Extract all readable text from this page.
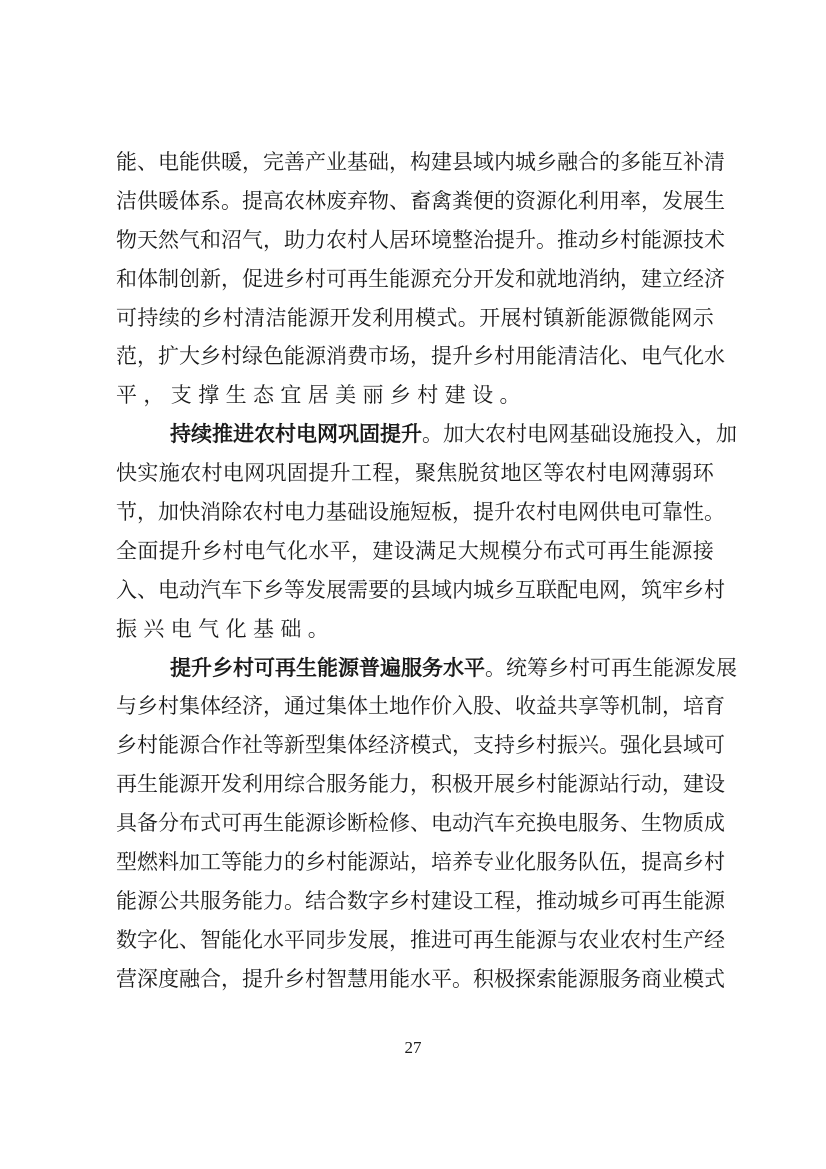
能 、 电 能 供 暖 ， 完 善 产 业 基 础 ， 构 建 县 域 内 城 乡 融 合 的 多 能 互 补 清
洁 供 暖 体 系 。 提 高 农 林 废 弃 物 、 畜 禽 粪 便 的 资 源 化 利 用 率 ， 发 展 生
物 天 然 气 和 沼 气 ， 助 力 农 村 人 居 环 境 整 治 提 升 。 推 动 乡 村 能 源 技 术
和 体 制 创 新 ， 促 进 乡 村 可 再 生 能 源 充 分 开 发 和 就 地 消 纳 ， 建 立 经 济
可 持 续 的 乡 村 清 洁 能 源 开 发 利 用 模 式 。 开 展 村 镇 新 能 源 微 能 网 示
范 ， 扩 大 乡 村 绿 色 能 源 消 费 市 场 ， 提 升 乡 村 用 能 清 洁 化 、 电 气 化 水
平 ， 支 撑 生 态 宜 居 美 丽 乡 村 建 设 。
持 续 推 进 农 村 电 网 巩 固 提 升 。 加 大 农 村 电 网 基 础 设 施 投 入 ， 加
快 实 施 农 村 电 网 巩 固 提 升 工 程 ， 聚 焦 脱 贫 地 区 等 农 村 电 网 薄 弱 环
节 ， 加 快 消 除 农 村 电 力 基 础 设 施 短 板 ， 提 升 农 村 电 网 供 电 可 靠 性 。
全 面 提 升 乡 村 电 气 化 水 平 ， 建 设 满 足 大 规 模 分 布 式 可 再 生 能 源 接
入 、 电 动 汽 车 下 乡 等 发 展 需 要 的 县 域 内 城 乡 互 联 配 电 网 ， 筑 牢 乡 村
振 兴 电 气 化 基 础 。
提 升 乡 村 可 再 生 能 源 普 遍 服 务 水 平 。 统 筹 乡 村 可 再 生 能 源 发 展
与 乡 村 集 体 经 济 ， 通 过 集 体 土 地 作 价 入 股 、 收 益 共 享 等 机 制 ， 培 育
乡 村 能 源 合 作 社 等 新 型 集 体 经 济 模 式 ， 支 持 乡 村 振 兴 。 强 化 县 域 可
再 生 能 源 开 发 利 用 综 合 服 务 能 力 ， 积 极 开 展 乡 村 能 源 站 行 动 ， 建 设
具 备 分 布 式 可 再 生 能 源 诊 断 检 修 、 电 动 汽 车 充 换 电 服 务 、 生 物 质 成
型 燃 料 加 工 等 能 力 的 乡 村 能 源 站 ， 培 养 专 业 化 服 务 队 伍 ， 提 高 乡 村
能 源 公 共 服 务 能 力 。 结 合 数 字 乡 村 建 设 工 程 ， 推 动 城 乡 可 再 生 能 源
数 字 化 、 智 能 化 水 平 同 步 发 展 ， 推 进 可 再 生 能 源 与 农 业 农 村 生 产 经
营 深 度 融 合 ， 提 升 乡 村 智 慧 用 能 水 平 。 积 极 探 索 能 源 服 务 商 业 模 式
27
